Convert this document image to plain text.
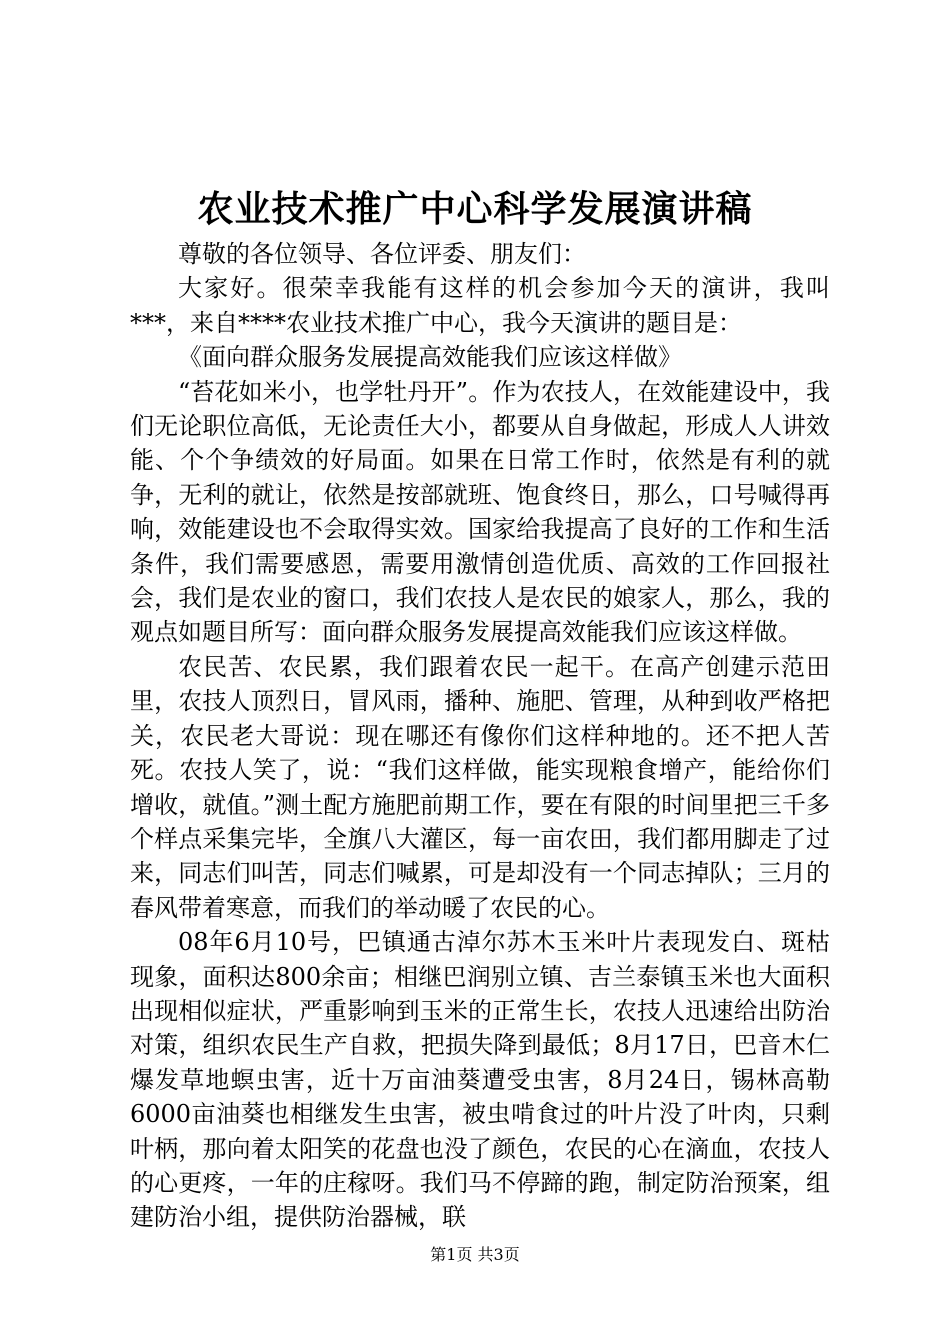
农业技术推广中心科学发展演讲稿

尊敬的各位领导、各位评委、朋友们：

大家好。很荣幸我能有这样的机会参加今天的演讲，我叫***，来自****农业技术推广中心，我今天演讲的题目是：

《面向群众服务发展提高效能我们应该这样做》

“苔花如米小，也学牡丹开”。作为农技人，在效能建设中，我们无论职位高低，无论责任大小，都要从自身做起，形成人人讲效能、个个争绩效的好局面。如果在日常工作时，依然是有利的就争，无利的就让，依然是按部就班、饱食终日，那么，口号喊得再响，效能建设也不会取得实效。国家给我提高了良好的工作和生活条件，我们需要感恩，需要用激情创造优质、高效的工作回报社会，我们是农业的窗口，我们农技人是农民的娘家人，那么，我的观点如题目所写：面向群众服务发展提高效能我们应该这样做。

农民苦、农民累，我们跟着农民一起干。在高产创建示范田里，农技人顶烈日，冒风雨，播种、施肥、管理，从种到收严格把关，农民老大哥说：现在哪还有像你们这样种地的。还不把人苦死。农技人笑了，说：“我们这样做，能实现粮食增产，能给你们增收，就值。”测土配方施肥前期工作，要在有限的时间里把三千多个样点采集完毕，全旗八大灌区，每一亩农田，我们都用脚走了过来，同志们叫苦，同志们喊累，可是却没有一个同志掉队；三月的春风带着寒意，而我们的举动暖了农民的心。

08年6月10号，巴镇通古淖尔苏木玉米叶片表现发白、斑枯现象，面积达800余亩；相继巴润别立镇、吉兰泰镇玉米也大面积出现相似症状，严重影响到玉米的正常生长，农技人迅速给出防治对策，组织农民生产自救，把损失降到最低；8月17日，巴音木仁爆发草地螟虫害，近十万亩油葵遭受虫害，8月24日，锡林高勒6000亩油葵也相继发生虫害，被虫啃食过的叶片没了叶肉，只剩叶柄，那向着太阳笑的花盘也没了颜色，农民的心在滴血，农技人的心更疼，一年的庄稼呀。我们马不停蹄的跑，制定防治预案，组建防治小组，提供防治器械，联

第1页 共3页
